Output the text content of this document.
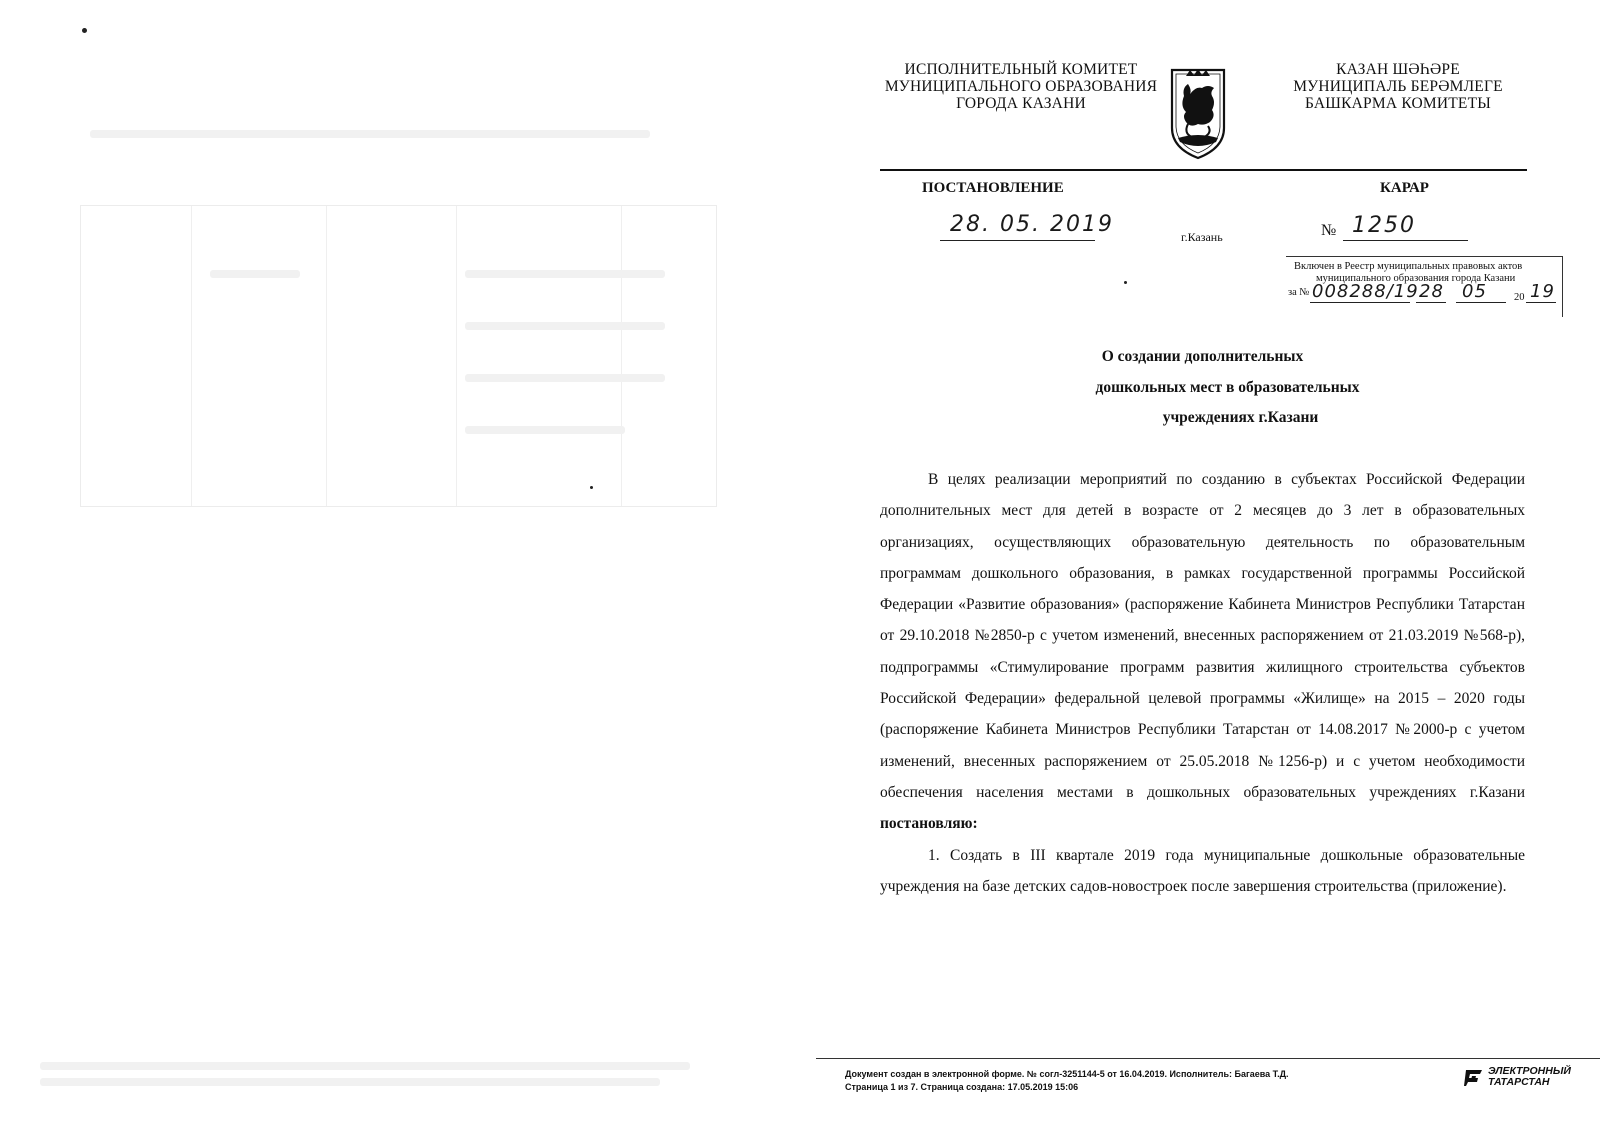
ИСПОЛНИТЕЛЬНЫЙ КОМИТЕТ
МУНИЦИПАЛЬНОГО ОБРАЗОВАНИЯ
ГОРОДА КАЗАНИ
КАЗАН ШӘҺӘРЕ
МУНИЦИПАЛЬ БЕРӘМЛЕГЕ
БАШКАРМА КОМИТЕТЫ
ПОСТАНОВЛЕНИЕ	КАРАР
28. 05. 2019	г.Казань	№ 1250
Включен в Реестр муниципальных правовых актов
муниципального образования города Казани
за № 008288/19 28 05	20 19
О создании дополнительных
дошкольных мест в образовательных
учреждениях г.Казани

В целях реализации мероприятий по созданию в субъектах Российской Федерации дополнительных мест для детей в возрасте от 2 месяцев до 3 лет в образовательных организациях, осуществляющих образовательную деятельность по образовательным программам дошкольного образования, в рамках государственной программы Российской Федерации «Развитие образования» (распоряжение Кабинета Министров Республики Татарстан от 29.10.2018 №2850-р с учетом изменений, внесенных распоряжением от 21.03.2019 №568-р), подпрограммы «Стимулирование программ развития жилищного строительства субъектов Российской Федерации» федеральной целевой программы «Жилище» на 2015 – 2020 годы (распоряжение Кабинета Министров Республики Татарстан от 14.08.2017 №2000-р с учетом изменений, внесенных распоряжением от 25.05.2018 №1256-р) и с учетом необходимости обеспечения населения местами в дошкольных образовательных учреждениях г.Казани постановляю:

1. Создать в III квартале 2019 года муниципальные дошкольные образовательные учреждения на базе детских садов-новостроек после завершения строительства (приложение).

Документ создан в электронной форме. № согл-3251144-5 от 16.04.2019. Исполнитель: Багаева Т.Д.
Страница 1 из 7. Страница создана: 17.05.2019 15:06
ЭЛЕКТРОННЫЙ
ТАТАРСТАН
